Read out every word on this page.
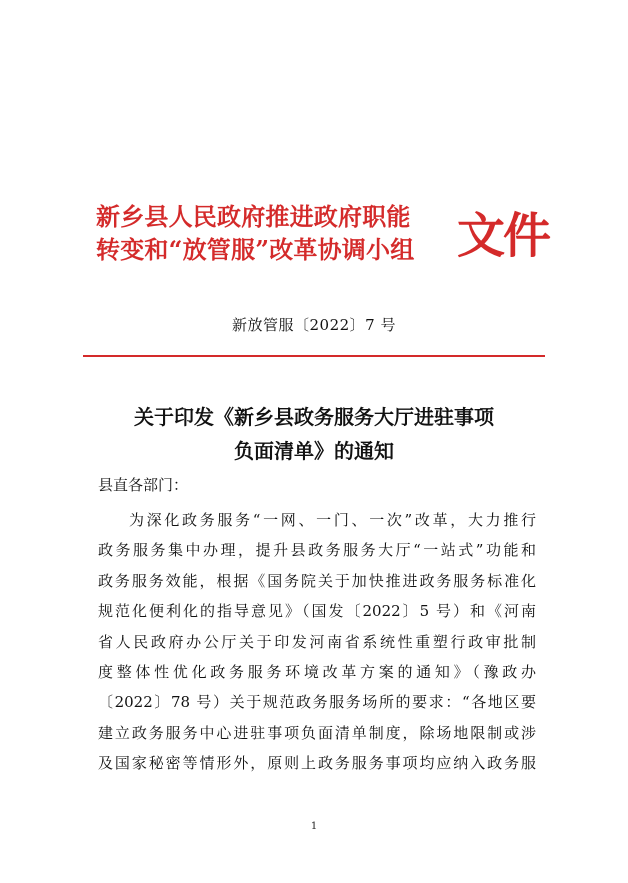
新乡县人民政府推进政府职能
转变和“放管服”改革协调小组 文件
新放管服〔2022〕7 号
关于印发《新乡县政务服务大厅进驻事项
负面清单》的通知
县直各部门：
为深化政务服务“一网、一门、一次”改革，大力推行
政务服务集中办理，提升县政务服务大厅“一站式”功能和
政务服务效能，根据《国务院关于加快推进政务服务标准化
规范化便利化的指导意见》（国发〔2022〕5 号）和《河南
省人民政府办公厅关于印发河南省系统性重塑行政审批制
度整体性优化政务服务环境改革方案的通知》（豫政办
〔2022〕78 号）关于规范政务服务场所的要求：“各地区要
建立政务服务中心进驻事项负面清单制度，除场地限制或涉
及国家秘密等情形外，原则上政务服务事项均应纳入政务服
1
